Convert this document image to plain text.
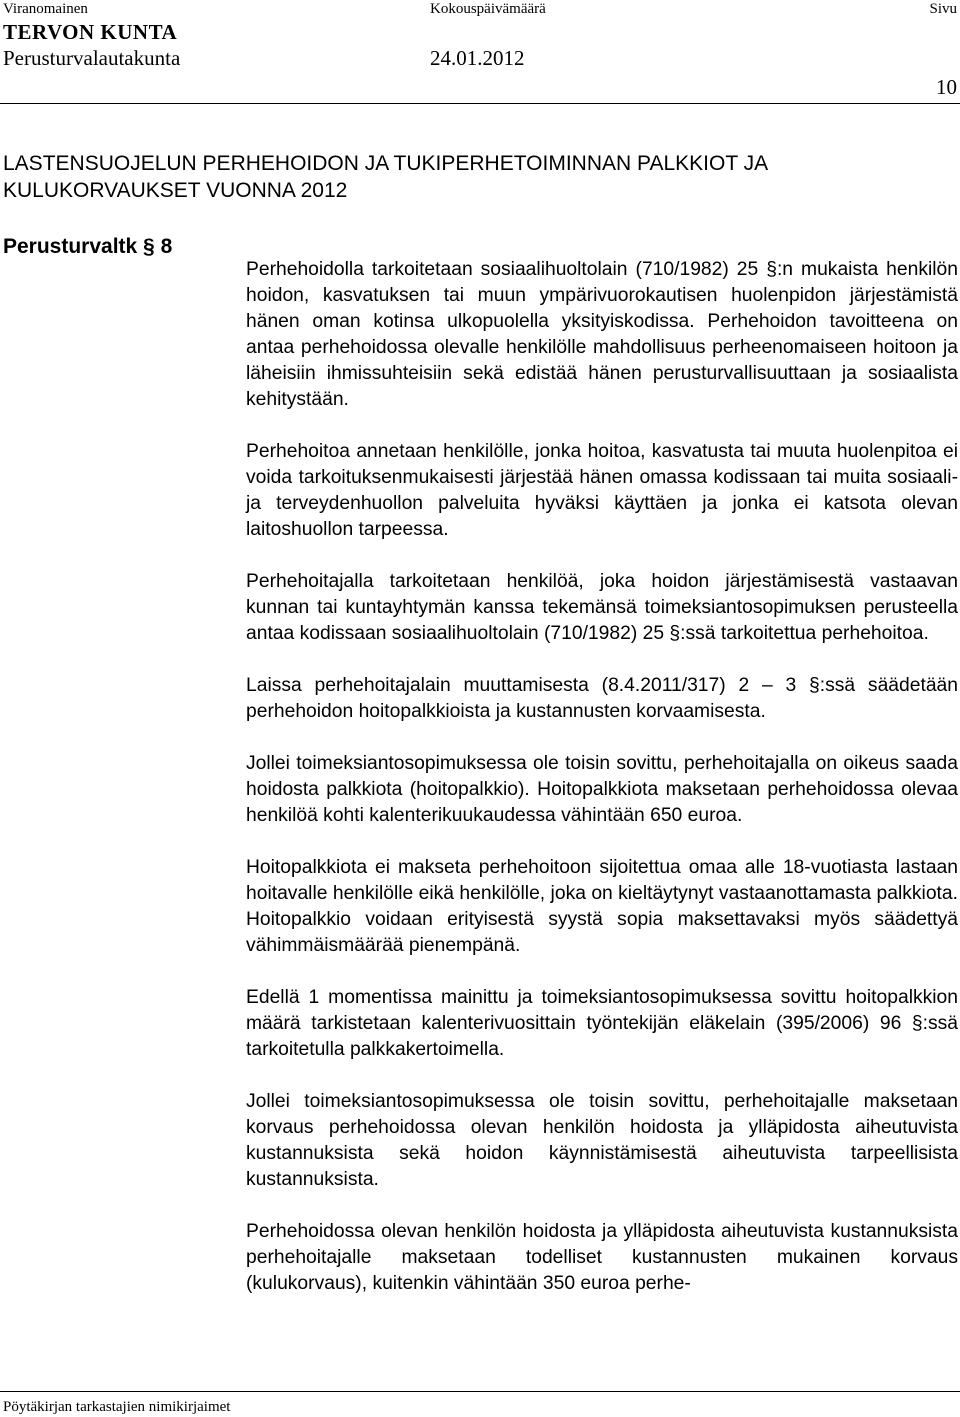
Viranomainen	Kokouspäivämäärä	Sivu
TERVON KUNTA
Perusturvalautakunta	24.01.2012
10
LASTENSUOJELUN PERHEHOIDON JA TUKIPERHETOIMINNAN PALKKIOT JA KULUKORVAUKSET VUONNA 2012
Perusturvaltk § 8

Perhehoidolla tarkoitetaan sosiaalihuoltolain (710/1982) 25 §:n mukaista henkilön hoidon, kasvatuksen tai muun ympärivuorokautisen huolenpidon järjestämistä hänen oman kotinsa ulkopuolella yksityiskodissa. Perhehoidon tavoitteena on antaa perhehoidossa olevalle henkilölle mahdollisuus perheenomaiseen hoitoon ja läheisiin ihmissuhteisiin sekä edistää hänen perusturvallisuuttaan ja sosiaalista kehitystään.

Perhehoitoa annetaan henkilölle, jonka hoitoa, kasvatusta tai muuta huolenpitoa ei voida tarkoituksenmukaisesti järjestää hänen omassa kodissaan tai muita sosiaali- ja terveydenhuollon palveluita hyväksi käyttäen ja jonka ei katsota olevan laitoshuollon tarpeessa.

Perhehoitajalla tarkoitetaan henkilöä, joka hoidon järjestämisestä vastaavan kunnan tai kuntayhtymän kanssa tekemänsä toimeksiantosopimuksen perusteella antaa kodissaan sosiaalihuoltolain (710/1982) 25 §:ssä tarkoitettua perhehoitoa.

Laissa perhehoitajalain muuttamisesta (8.4.2011/317) 2 – 3 §:ssä säädetään perhehoidon hoitopalkkioista ja kustannusten korvaamisesta.

Jollei toimeksiantosopimuksessa ole toisin sovittu, perhehoitajalla on oikeus saada hoidosta palkkiota (hoitopalkkio). Hoitopalkkiota maksetaan perhehoidossa olevaa henkilöä kohti kalenterikuukaudessa vähintään 650 euroa.

Hoitopalkkiota ei makseta perhehoitoon sijoitettua omaa alle 18-vuotiasta lastaan hoitavalle henkilölle eikä henkilölle, joka on kieltäytynyt vastaanottamasta palkkiota. Hoitopalkkio voidaan erityisestä syystä sopia maksettavaksi myös säädettyä vähimmäismäärää pienempänä.

Edellä 1 momentissa mainittu ja toimeksiantosopimuksessa sovittu hoitopalkkion määrä tarkistetaan kalenterivuosittain työntekijän eläkelain (395/2006) 96 §:ssä tarkoitetulla palkkakertoimella.

Jollei toimeksiantosopimuksessa ole toisin sovittu, perhehoitajalle maksetaan korvaus perhehoidossa olevan henkilön hoidosta ja ylläpidosta aiheutuvista kustannuksista sekä hoidon käynnistämisestä aiheutuvista tarpeellisista kustannuksista.

Perhehoidossa olevan henkilön hoidosta ja ylläpidosta aiheutuvista kustannuksista perhehoitajalle maksetaan todelliset kustannusten mukainen korvaus (kulukorvaus), kuitenkin vähintään 350 euroa perhe-

Pöytäkirjan tarkastajien nimikirjaimet
